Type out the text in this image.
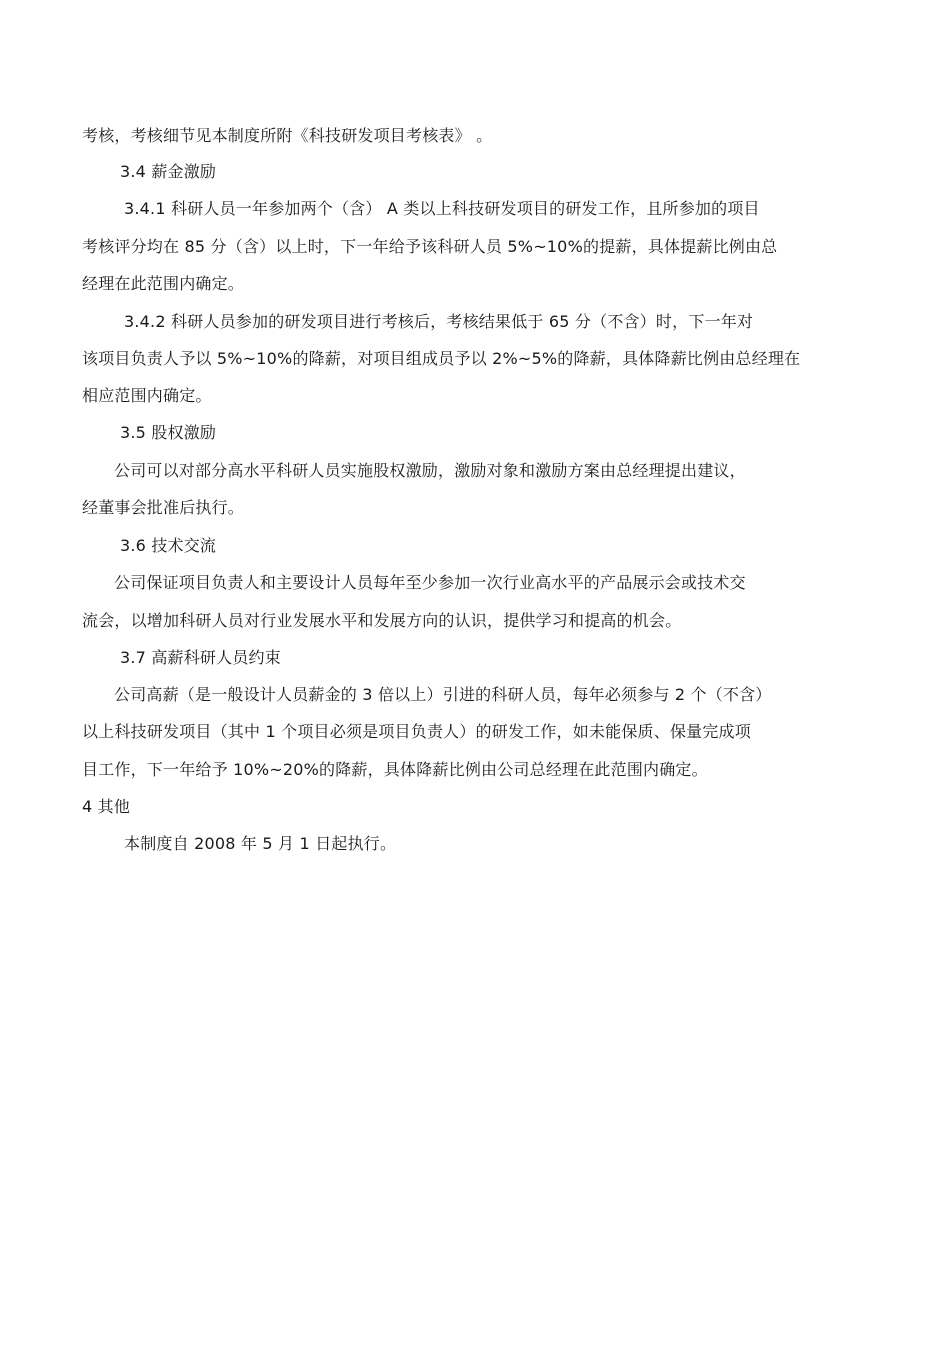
考核，考核细节见本制度所附《科技研发项目考核表》 。
3.4 薪金激励
3.4.1 科研人员一年参加两个（含） A 类以上科技研发项目的研发工作，且所参加的项目
考核评分均在 85 分（含）以上时，下一年给予该科研人员 5%~10%的提薪，具体提薪比例由总
经理在此范围内确定。
3.4.2 科研人员参加的研发项目进行考核后，考核结果低于 65 分（不含）时，下一年对
该项目负责人予以 5%~10%的降薪，对项目组成员予以 2%~5%的降薪，具体降薪比例由总经理在
相应范围内确定。
3.5 股权激励
公司可以对部分高水平科研人员实施股权激励，激励对象和激励方案由总经理提出建议，
经董事会批准后执行。
3.6 技术交流
公司保证项目负责人和主要设计人员每年至少参加一次行业高水平的产品展示会或技术交
流会，以增加科研人员对行业发展水平和发展方向的认识，提供学习和提高的机会。
3.7 高薪科研人员约束
公司高薪（是一般设计人员薪金的 3 倍以上）引进的科研人员，每年必须参与 2 个（不含）
以上科技研发项目（其中 1 个项目必须是项目负责人）的研发工作，如未能保质、保量完成项
目工作，下一年给予 10%~20%的降薪，具体降薪比例由公司总经理在此范围内确定。
4 其他
本制度自 2008 年 5 月 1 日起执行。
